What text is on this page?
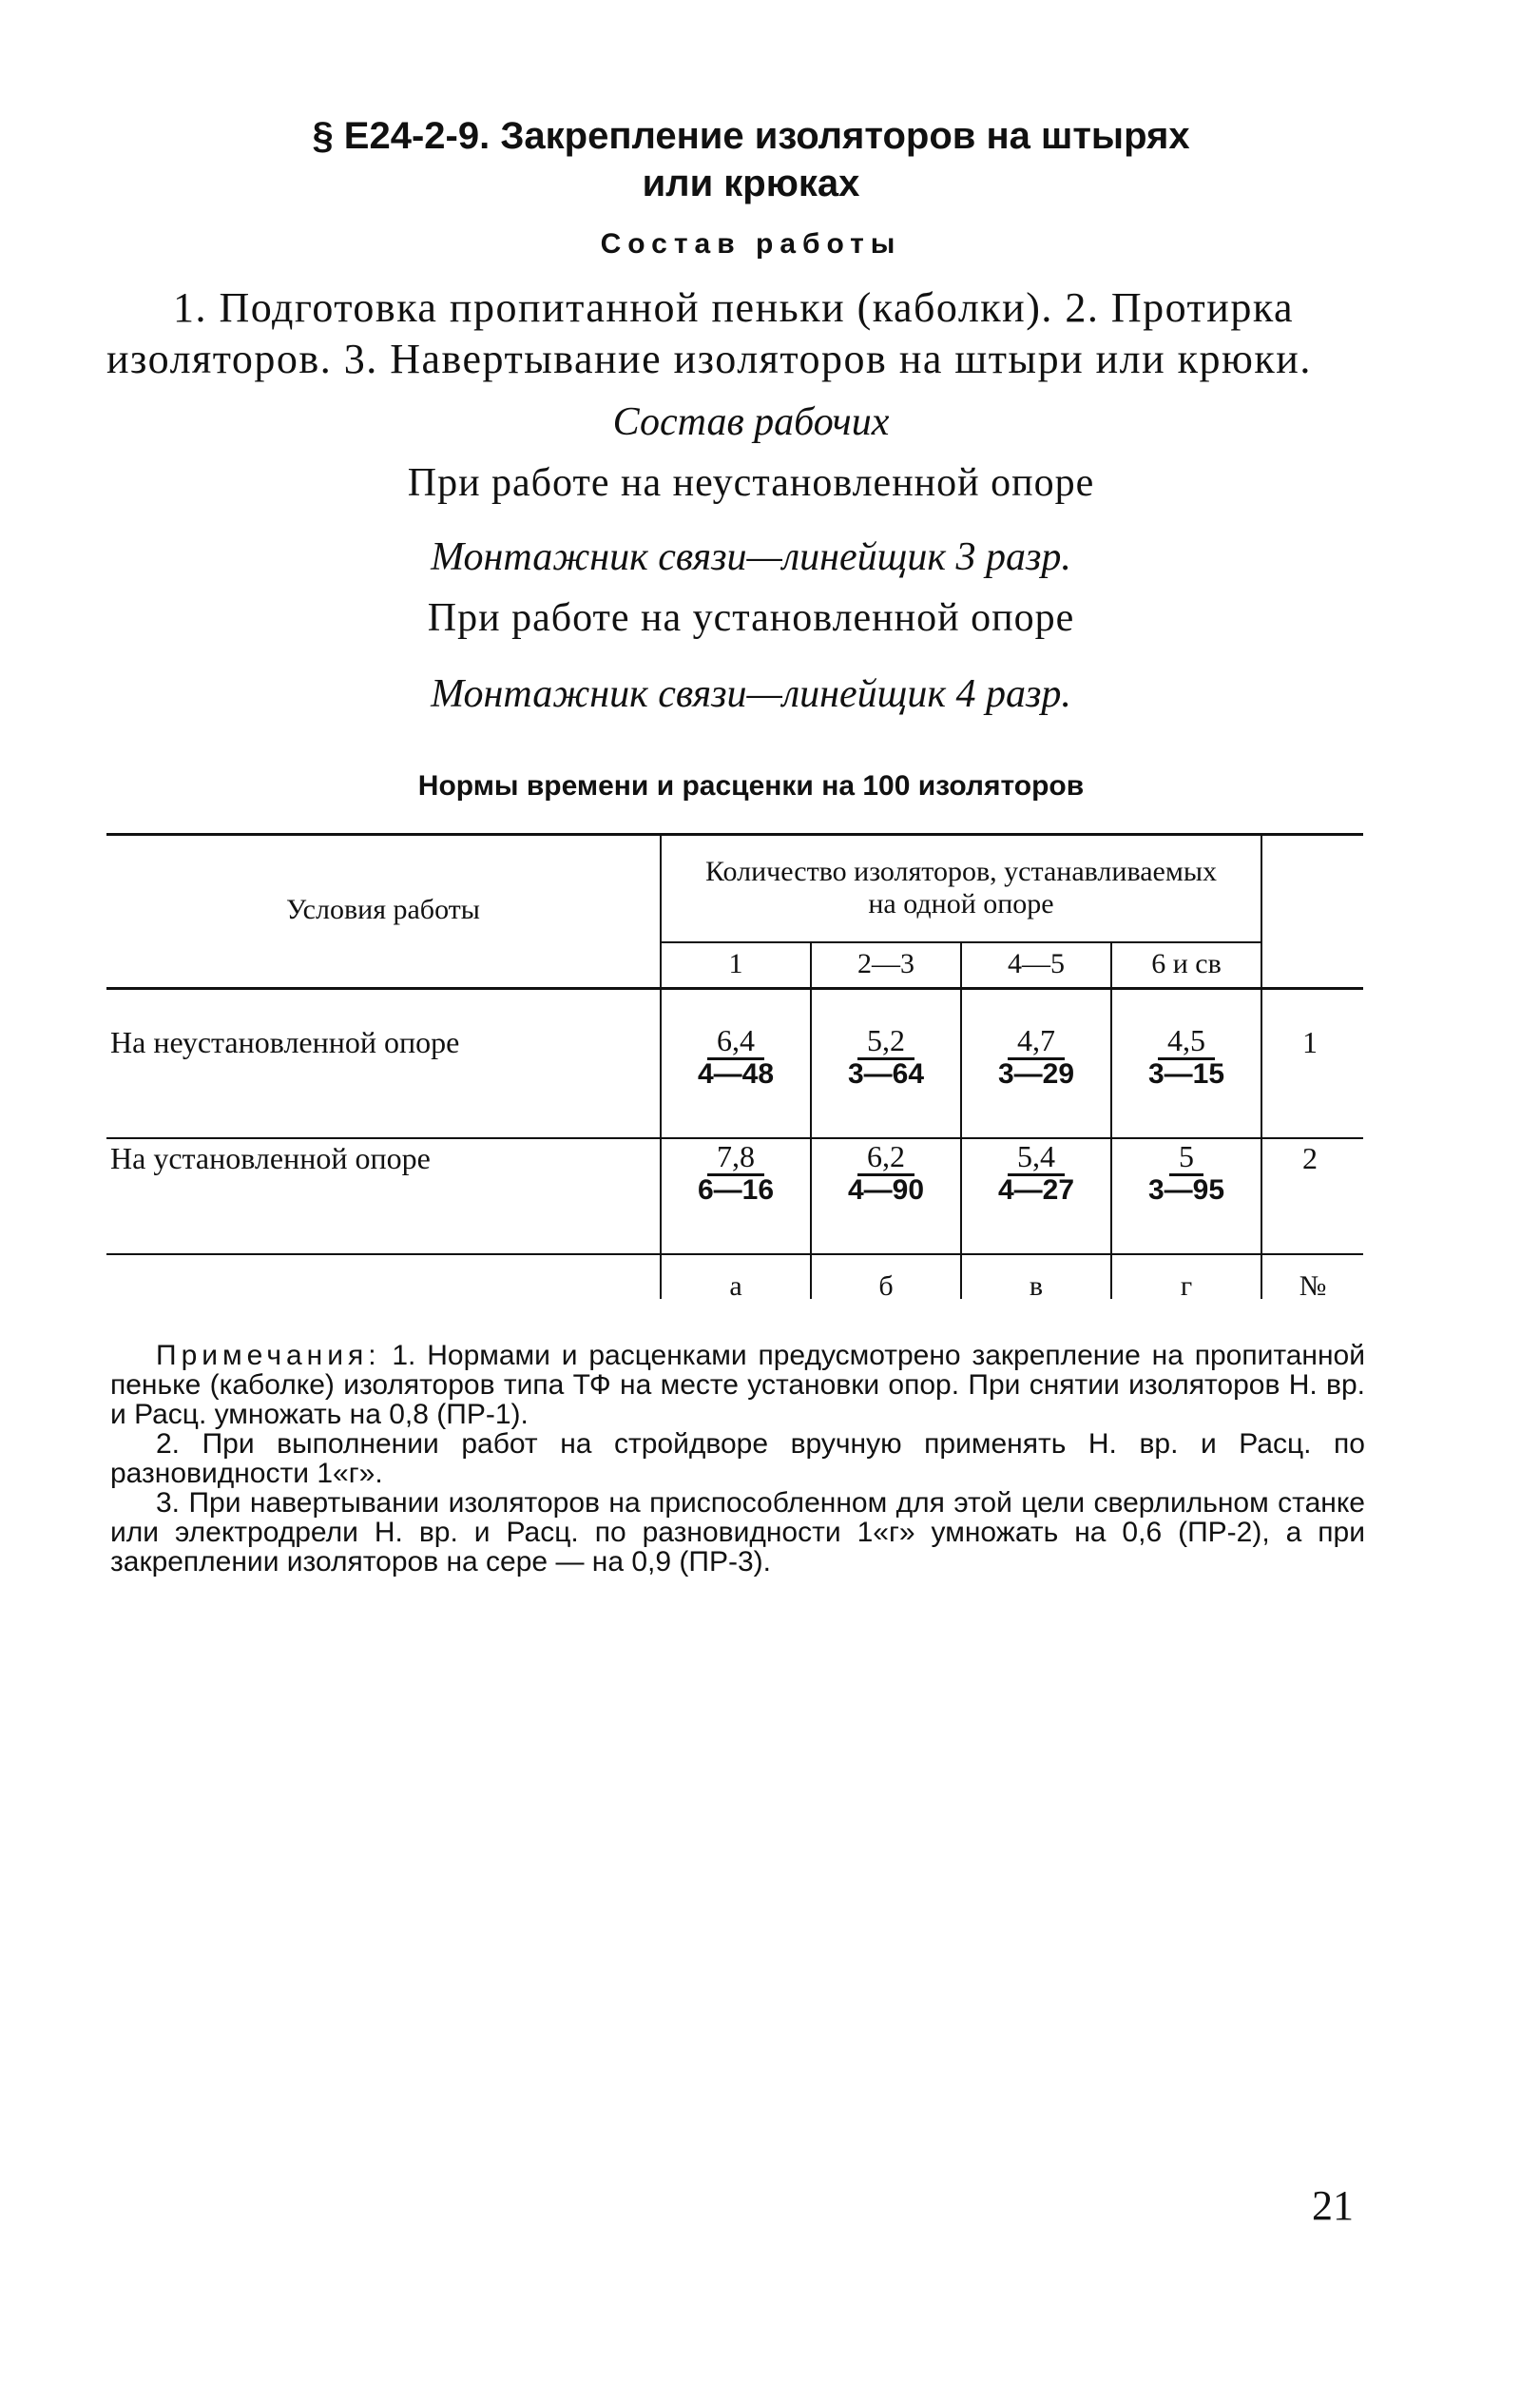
§ Е24-2-9. Закрепление изоляторов на штырях
или крюках
Состав работы
1. Подготовка пропитанной пеньки (каболки). 2. Протирка
изоляторов. 3. Навертывание изоляторов на штыри или крюки.
Состав рабочих
При работе на неустановленной опоре
Монтажник связи—линейщик 3 разр.
При работе на установленной опоре
Монтажник связи—линейщик 4 разр.
Нормы времени и расценки на 100 изоляторов
Условия работы
Количество изоляторов, устанавливаемых
на одной опоре
1	2—3	4—5	6 и св
На неустановленной опоре	$\frac{6,4}{4—48} \frac{5,2}{3—64} \frac{4,7}{3—29} \frac{4,5}{3—15}$	1
На установленной опоре	$\frac{7,8}{6—16} \frac{6,2}{4—90} \frac{5,4}{4—27} \frac{5}{3—95}$	2
а	б	в	г	№

Примечания: 1. Нормами и расценками предусмотрено закрепление на пропитанной пеньке (каболке) изоляторов типа ТФ на месте установки опор. При снятии изоляторов Н. вр. и Расц. умножать на 0,8 (ПР-1).

2. При выполнении работ на стройдворе вручную применять Н. вр. и Расц. по разновидности 1«г».

3. При навертывании изоляторов на приспособленном для этой цели сверлильном станке или электродрели Н. вр. и Расц. по разновидности 1«г» умножать на 0,6 (ПР-2), а при закреплении изоляторов на сере — на 0,9 (ПР-3).

21
